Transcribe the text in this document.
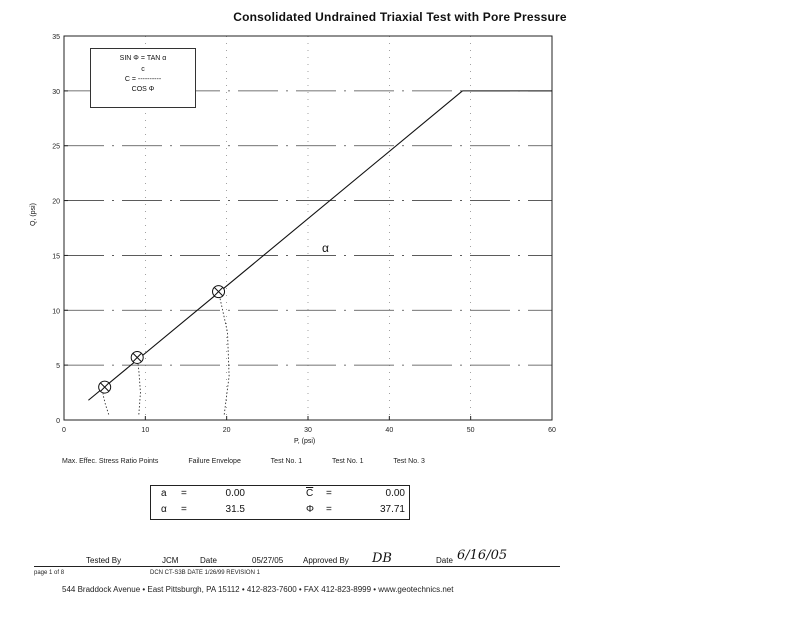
0
5
10
15
20
25
30
35
0	10	20	30	40	50	60
Consolidated Undrained Triaxial Test with Pore Pressure
Q, (psi)
P, (psi)
SIN Φ = TAN α
c
C = ----------
COS Φ
α
Max. Effec. Stress Ratio Points	Failure Envelope	Test No. 1	Test No. 1	Test No. 3
a =	0.00	$\overline{C}$ =	0.00
α =	31.5	Φ =	37.71
Tested By	JCM	Date	05/27/05 Approved By DB	Date 6/16/05
page 1 of 8	DCN CT-S3B DATE 1/26/99 REVISION 1
544 Braddock Avenue • East Pittsburgh, PA 15112 • 412-823-7600 • FAX 412-823-8999 • www.geotechnics.net
